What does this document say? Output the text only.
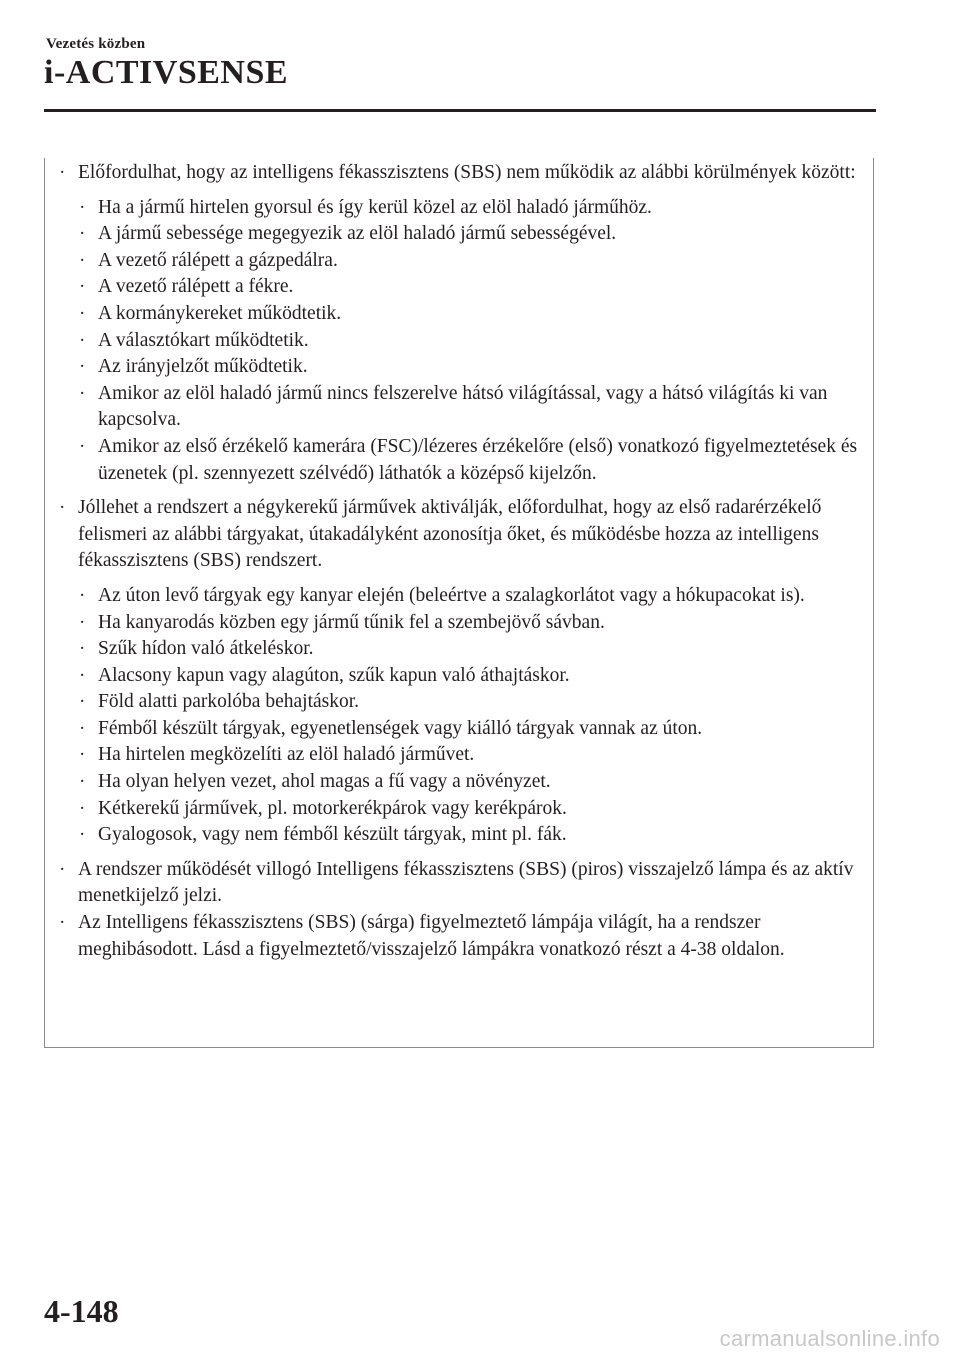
Vezetés közben
i-ACTIVSENSE
· Előfordulhat, hogy az intelligens fékasszisztens (SBS) nem működik az alábbi körülmények között:
· Ha a jármű hirtelen gyorsul és így kerül közel az elöl haladó járműhöz.
· A jármű sebessége megegyezik az elöl haladó jármű sebességével.
· A vezető rálépett a gázpedálra.
· A vezető rálépett a fékre.
· A kormánykereket működtetik.
· A választókart működtetik.
· Az irányjelzőt működtetik.
· Amikor az elöl haladó jármű nincs felszerelve hátsó világítással, vagy a hátsó világítás ki van kapcsolva.
· Amikor az első érzékelő kamerára (FSC)/lézeres érzékelőre (első) vonatkozó figyelmeztetések és üzenetek (pl. szennyezett szélvédő) láthatók a középső kijelzőn.
· Jóllehet a rendszert a négykerekű járművek aktiválják, előfordulhat, hogy az első radarérzékelő felismeri az alábbi tárgyakat, útakadályként azonosítja őket, és működésbe hozza az intelligens fékasszisztens (SBS) rendszert.
· Az úton levő tárgyak egy kanyar elején (beleértve a szalagkorlátot vagy a hókupacokat is).
· Ha kanyarodás közben egy jármű tűnik fel a szembejövő sávban.
· Szűk hídon való átkeléskor.
· Alacsony kapun vagy alagúton, szűk kapun való áthajtáskor.
· Föld alatti parkolóba behajtáskor.
· Fémből készült tárgyak, egyenetlenségek vagy kiálló tárgyak vannak az úton.
· Ha hirtelen megközelíti az elöl haladó járművet.
· Ha olyan helyen vezet, ahol magas a fű vagy a növényzet.
· Kétkerekű járművek, pl. motorkerékpárok vagy kerékpárok.
· Gyalogosok, vagy nem fémből készült tárgyak, mint pl. fák.
· A rendszer működését villogó Intelligens fékasszisztens (SBS) (piros) visszajelző lámpa és az aktív menetkijelző jelzi.
· Az Intelligens fékasszisztens (SBS) (sárga) figyelmeztető lámpája világít, ha a rendszer meghibásodott. Lásd a figyelmeztető/visszajelző lámpákra vonatkozó részt a 4-38 oldalon.
4-148
carmanualsonline.info
